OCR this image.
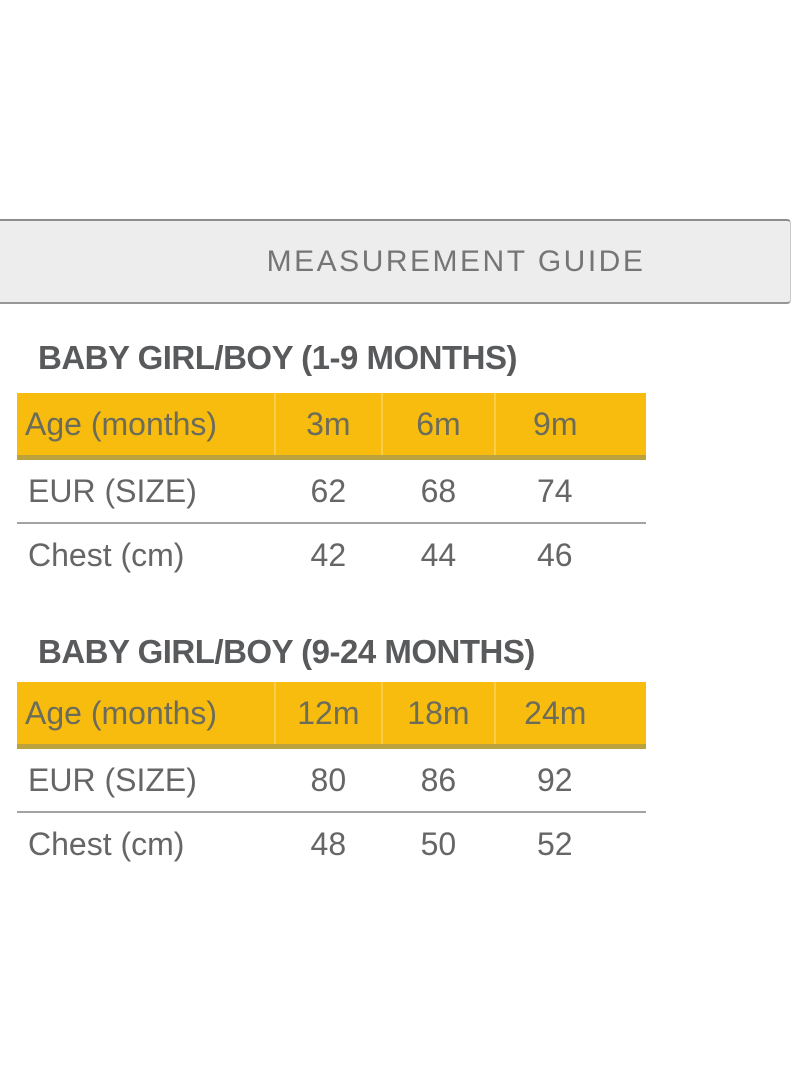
MEASUREMENT GUIDE
BABY GIRL/BOY (1-9 MONTHS)
Age (months)	3m	6m	9m	
EUR (SIZE)	62	68	74	
Chest (cm)	42	44	46	
BABY GIRL/BOY (9-24 MONTHS)
Age (months)	12m	18m	24m	
EUR (SIZE)	80	86	92	
Chest (cm)	48	50	52	
